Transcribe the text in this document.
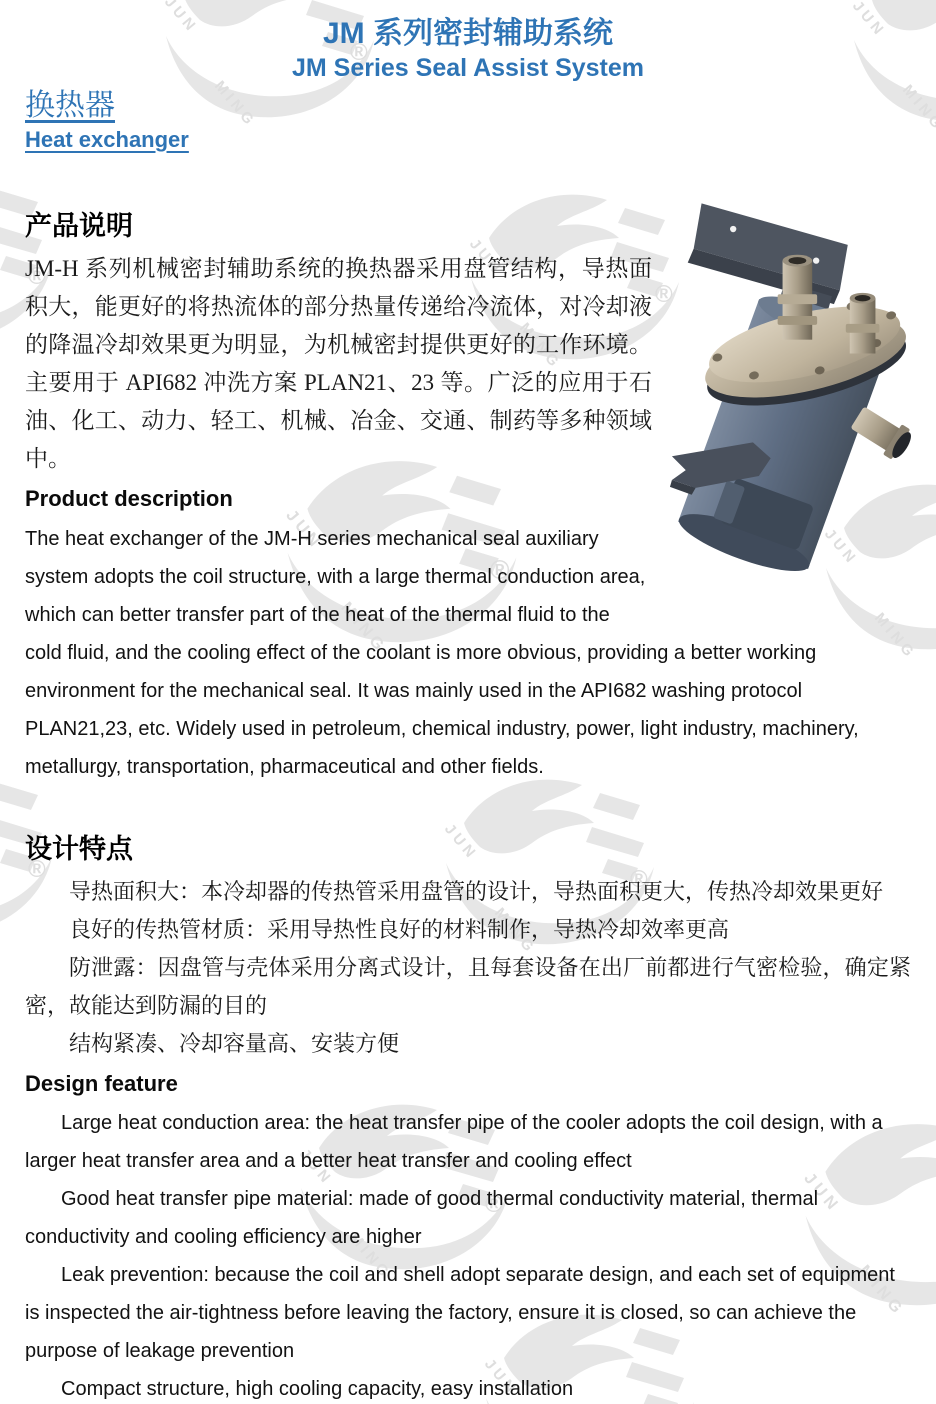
JUN
MING
®
JM 系列密封辅助系统
JM Series Seal Assist System
换热器
Heat exchanger
产品说明

JM-H 系列机械密封辅助系统的换热器采用盘管结构，导热面积大，能更好的将热流体的部分热量传递给冷流体，对冷却液的降温冷却效果更为明显，为机械密封提供更好的工作环境。主要用于 API682 冲洗方案 PLAN21、23 等。广泛的应用于石油、化工、动力、轻工、机械、冶金、交通、制药等多种领域中。

Product description

The heat exchanger of the JM-H series mechanical seal auxiliary system adopts the coil structure, with a large thermal conduction area, which can better transfer part of the heat of the thermal fluid to the cold fluid, and the cooling effect of the coolant is more obvious, providing a better working environment for the mechanical seal. It was mainly used in the API682 washing protocol PLAN21,23, etc. Widely used in petroleum, chemical industry, power, light industry, machinery, metallurgy, transportation, pharmaceutical and other fields.

设计特点

导热面积大：本冷却器的传热管采用盘管的设计，导热面积更大，传热冷却效果更好

良好的传热管材质：采用导热性良好的材料制作，导热冷却效率更高

防泄露：因盘管与壳体采用分离式设计，且每套设备在出厂前都进行气密检验，确定紧密，故能达到防漏的目的

结构紧凑、冷却容量高、安装方便

Design feature

Large heat conduction area: the heat transfer pipe of the cooler adopts the coil design, with a larger heat transfer area and a better heat transfer and cooling effect

Good heat transfer pipe material: made of good thermal conductivity material, thermal conductivity and cooling efficiency are higher

Leak prevention: because the coil and shell adopt separate design, and each set of equipment is inspected the air-tightness before leaving the factory, ensure it is closed, so can achieve the purpose of leakage prevention

Compact structure, high cooling capacity, easy installation
